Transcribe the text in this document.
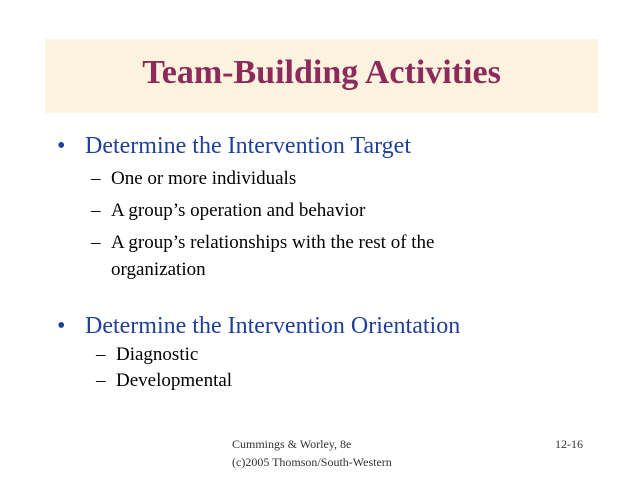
Team-Building Activities
• Determine the Intervention Target
– One or more individuals
– A group’s operation and behavior
– A group’s relationships with the rest of the
organization
• Determine the Intervention Orientation
– Diagnostic
– Developmental
Cummings & Worley, 8e
(c)2005 Thomson/South-Western
12-16
